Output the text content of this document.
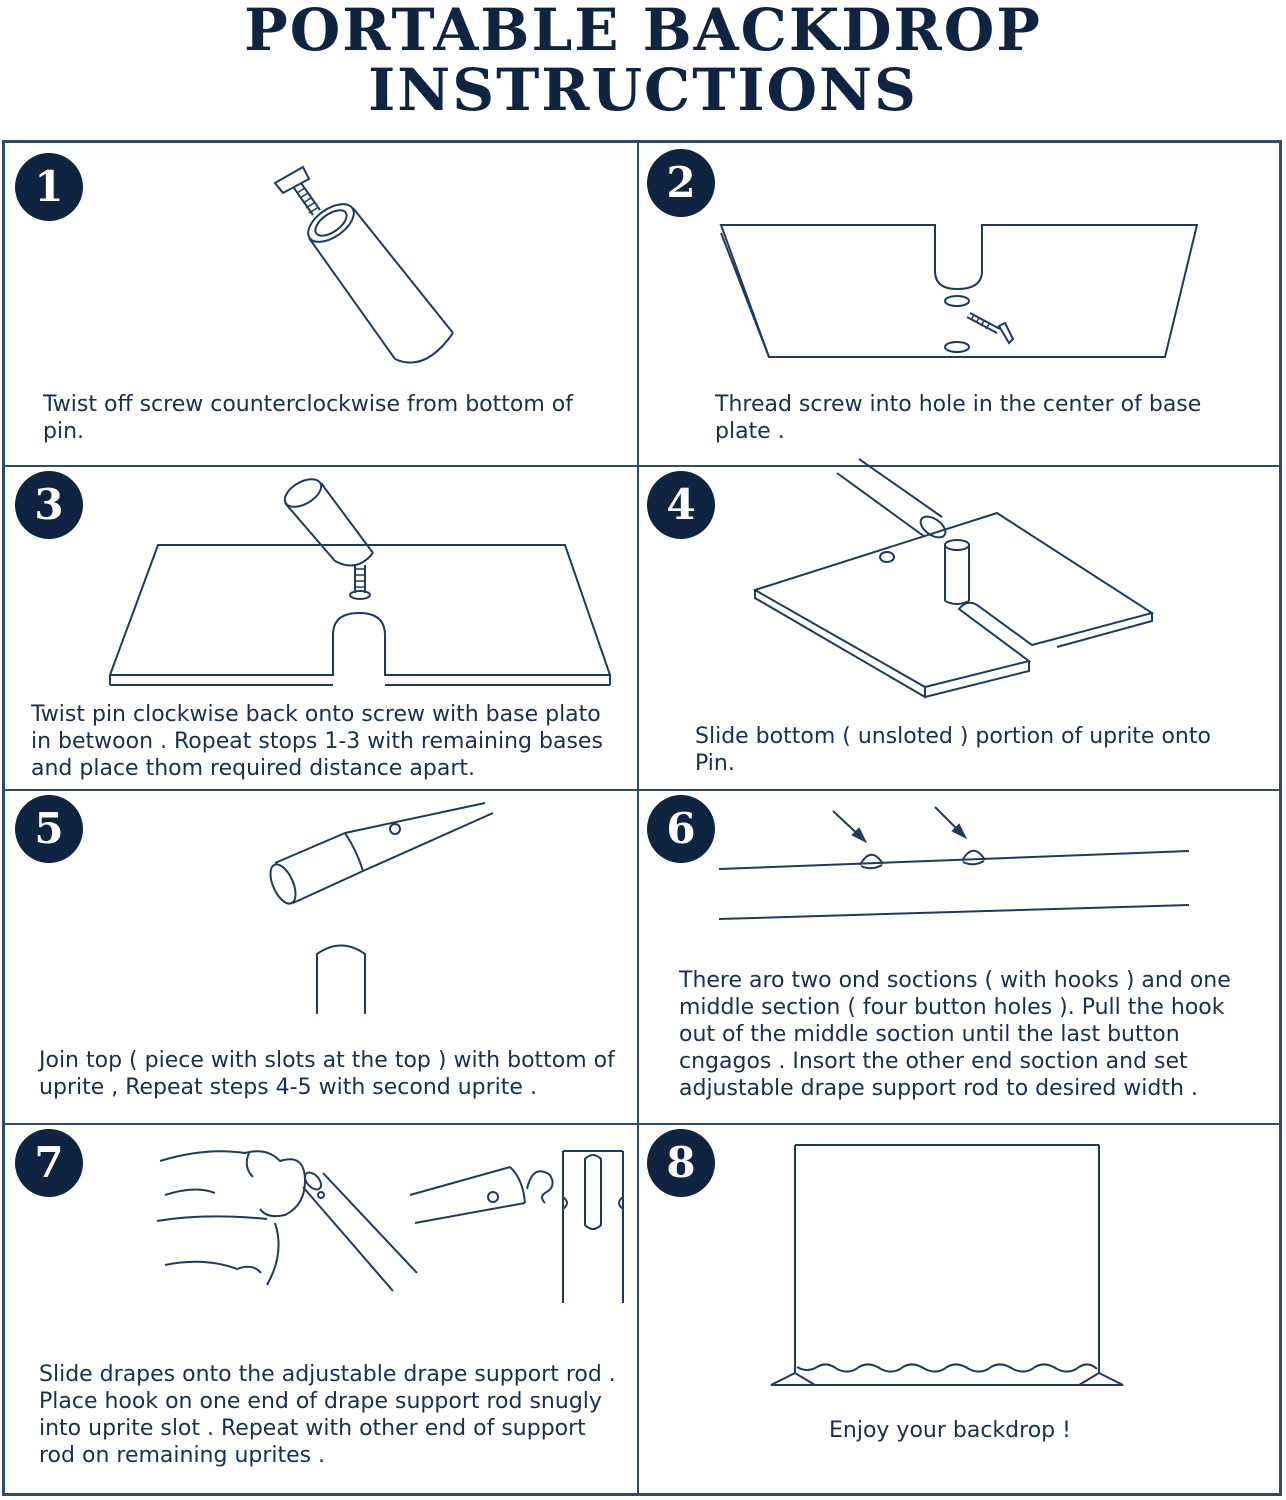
PORTABLE BACKDROP
INSTRUCTIONS
1
Twist off screw counterclockwise from bottom of pin.
2
Thread screw into hole in the center of base plate .
3
Twist pin clockwise back onto screw with base plato in betwoon . Ropeat stops 1-3 with remaining bases and place thom required distance apart.
4
Slide bottom ( unsloted ) portion of uprite onto Pin.
5
Join top ( piece with slots at the top ) with bottom of uprite , Repeat steps 4-5 with second uprite .
6
There aro two ond soctions ( with hooks ) and one middle section ( four button holes ). Pull the hook out of the middle soction until the last button cngagos . Insort the other end soction and set adjustable drape support rod to desired width .
7
Slide drapes onto the adjustable drape support rod . Place hook on one end of drape support rod snugly into uprite slot . Repeat with other end of support rod on remaining uprites .
8
Enjoy your backdrop !
